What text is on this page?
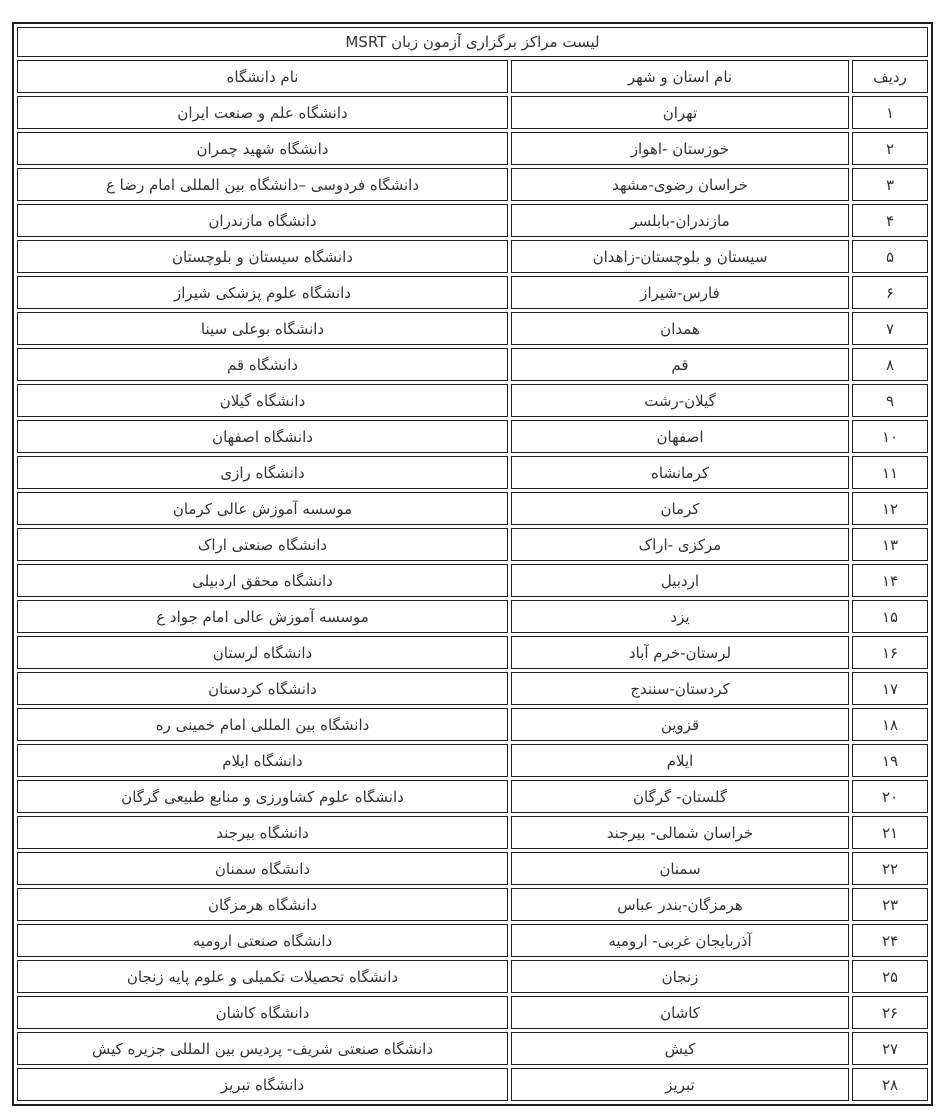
لیست مراکز برگزاری آزمون زبان MSRT		
ردیف	نام استان و شهر	نام دانشگاه
۱	تهران	دانشگاه علم و صنعت ایران
۲	خوزستان -اهواز	دانشگاه شهید چمران
۳	خراسان رضوی-مشهد	دانشگاه فردوسی –دانشگاه بین المللی امام رضا ع
۴	مازندران-بابلسر	دانشگاه مازندران
۵	سیستان و بلوچستان-زاهدان	دانشگاه سیستان و بلوچستان
۶	فارس-شیراز	دانشگاه علوم پزشکی شیراز
۷	همدان	دانشگاه بوعلی سینا
۸	قم	دانشگاه قم
۹	گیلان-رشت	دانشگاه گیلان
۱۰	اصفهان	دانشگاه اصفهان
۱۱	کرمانشاه	دانشگاه رازی
۱۲	کرمان	موسسه آموزش عالی کرمان
۱۳	مرکزی -اراک	دانشگاه صنعتی اراک
۱۴	اردبیل	دانشگاه محقق اردبیلی
۱۵	یزد	موسسه آموزش عالی امام جواد ع
۱۶	لرستان-خرم آباد	دانشگاه لرستان
۱۷	کردستان-سنندج	دانشگاه کردستان
۱۸	قزوین	دانشگاه بین المللی امام خمینی ره
۱۹	ایلام	دانشگاه ایلام
۲۰	گلستان- گرگان	دانشگاه علوم کشاورزی و منابع طبیعی گرگان
۲۱	خراسان شمالی- بیرجند	دانشگاه بیرجند
۲۲	سمنان	دانشگاه سمنان
۲۳	هرمزگان-بندر عباس	دانشگاه هرمزگان
۲۴	آذربایجان غربی- ارومیه	دانشگاه صنعتی ارومیه
۲۵	زنجان	دانشگاه تحصیلات تکمیلی و علوم پایه زنجان
۲۶	کاشان	دانشگاه کاشان
۲۷	کیش	دانشگاه صنعتی شریف- پردیس بین المللی جزیره کیش
۲۸	تبریز	دانشگاه تبریز
